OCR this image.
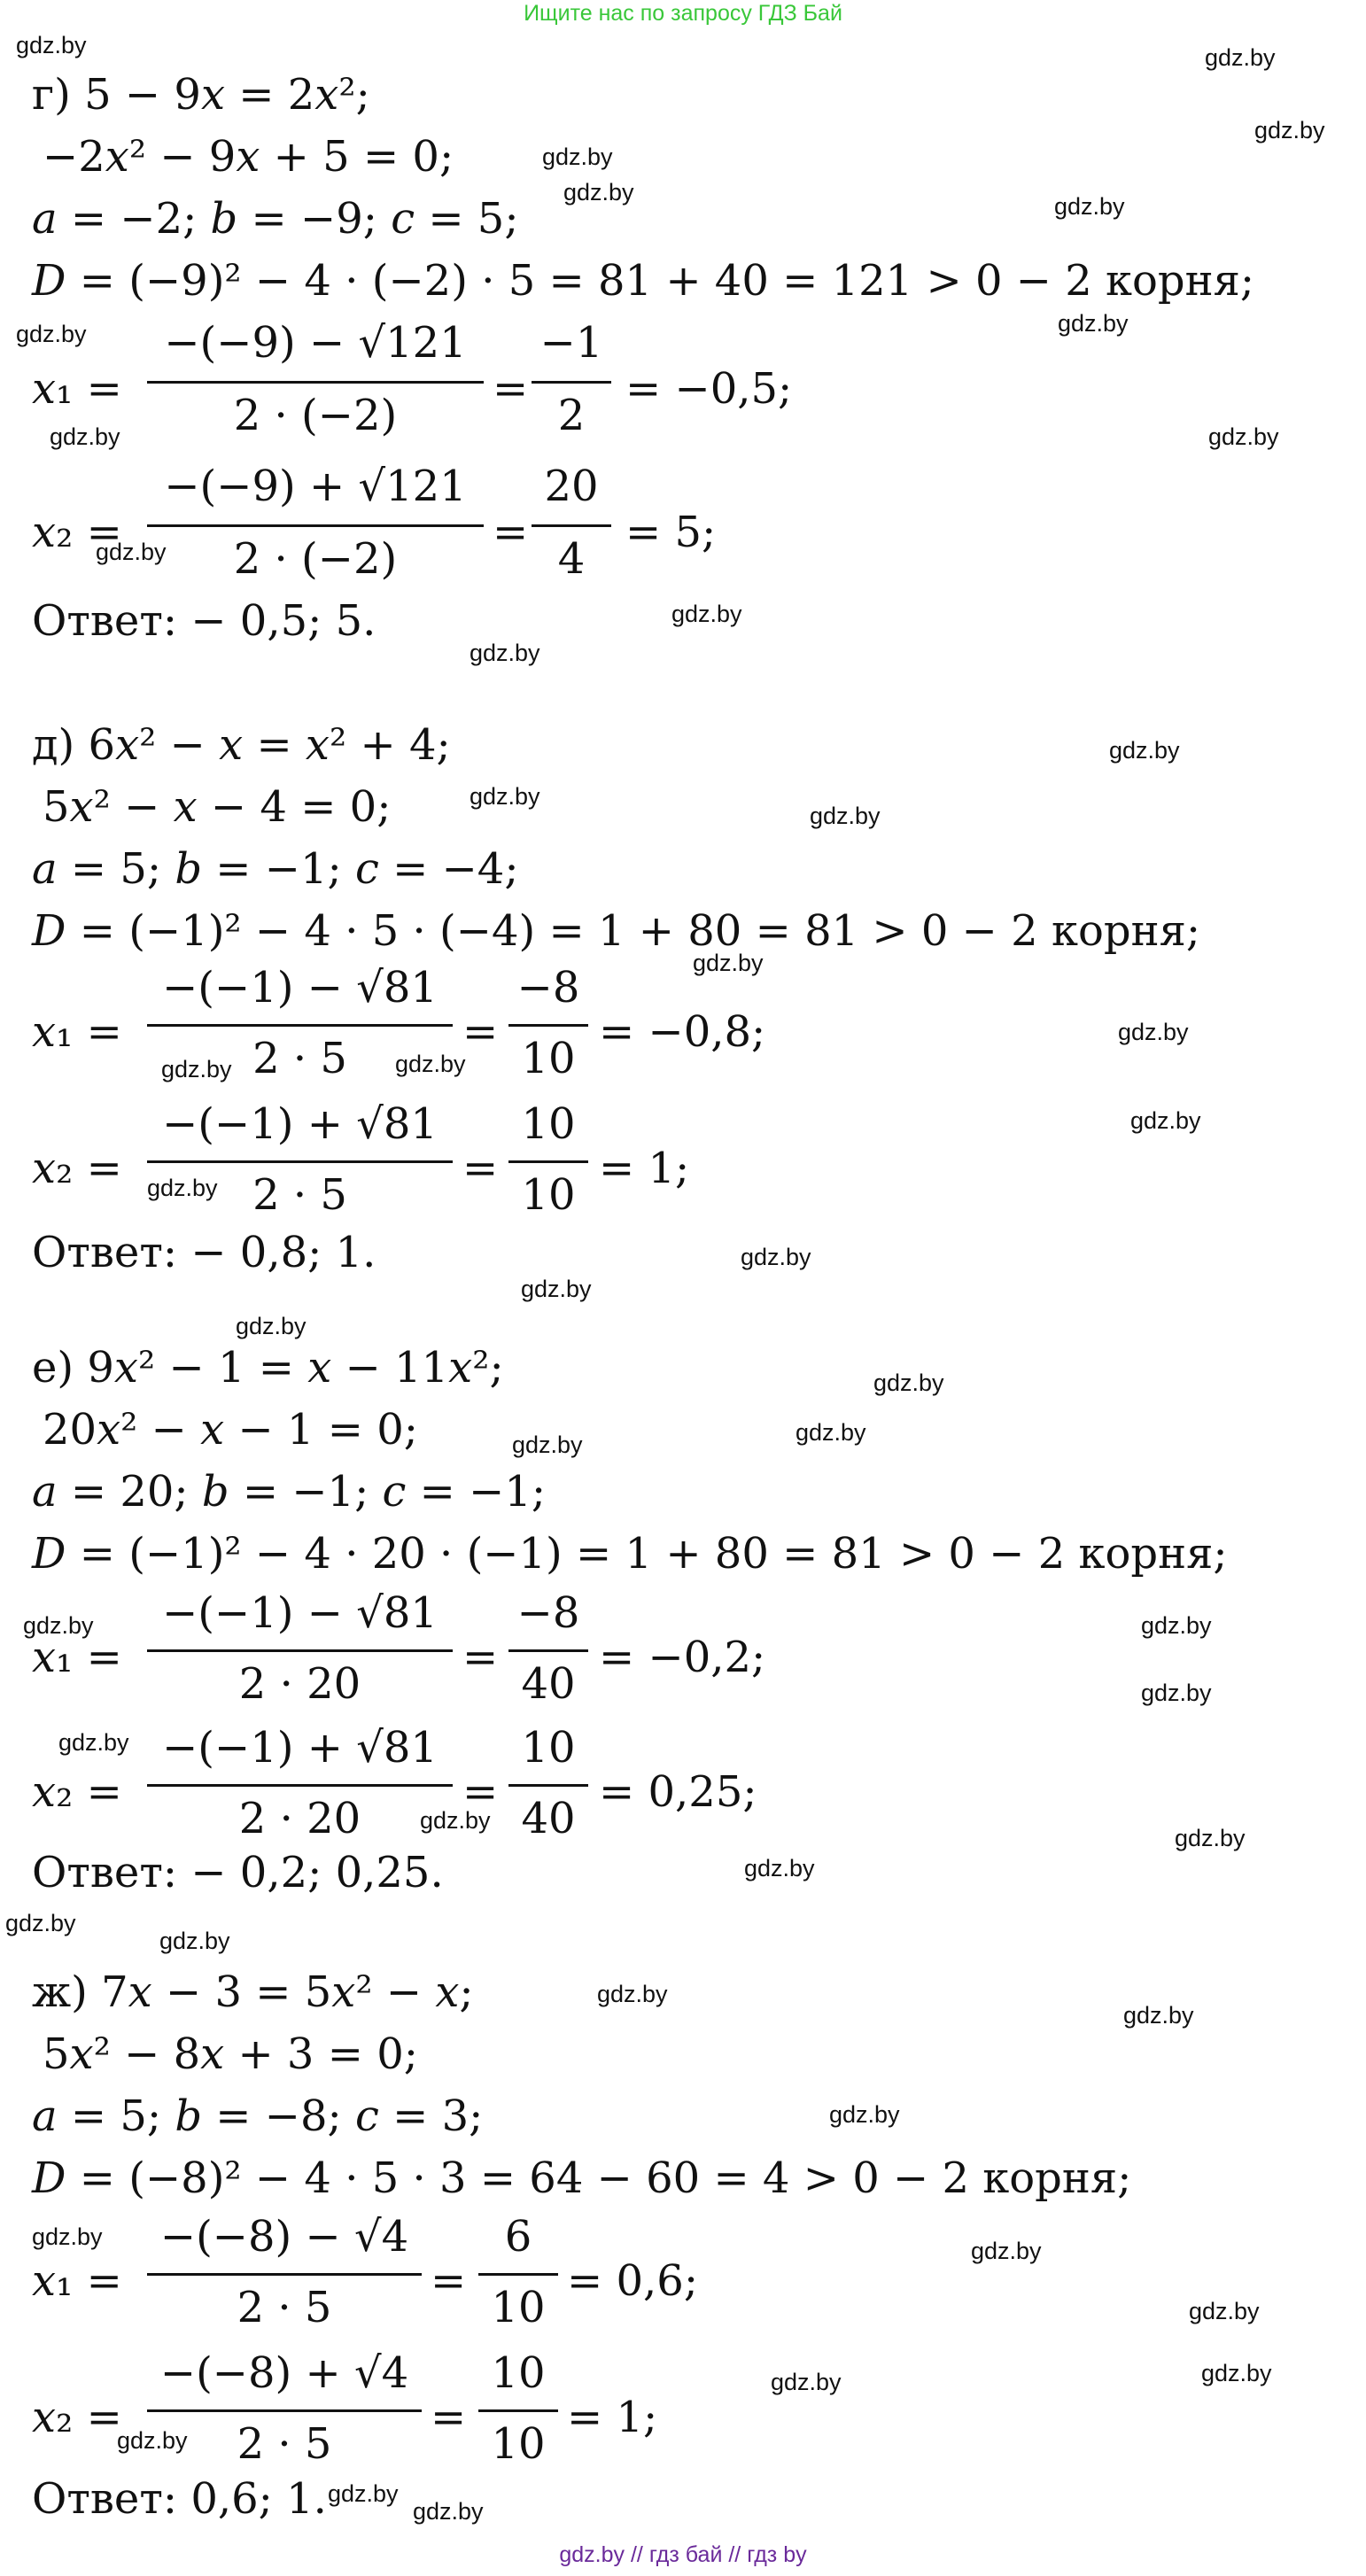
Ищите нас по запросу ГДЗ Бай
г) 5 − 9𝑥 = 2𝑥²;
−2𝑥² − 9𝑥 + 5 = 0;
𝑎 = −2; 𝑏 = −9; 𝑐 = 5;
𝐷 = (−9)² − 4 · (−2) · 5 = 81 + 40 = 121 > 0 − 2 корня;
𝑥₁ =
−(−9) − √121
2 · (−2)
=
−1
2
= −0,5;
𝑥₂ =
−(−9) + √121
2 · (−2)
=
20
4
= 5;
Ответ: − 0,5; 5.
д) 6𝑥² − 𝑥 = 𝑥² + 4;
5𝑥² − 𝑥 − 4 = 0;
𝑎 = 5; 𝑏 = −1; 𝑐 = −4;
𝐷 = (−1)² − 4 · 5 · (−4) = 1 + 80 = 81 > 0 − 2 корня;
𝑥₁ =
−(−1) − √81
2 · 5
=
−8
10
= −0,8;
𝑥₂ =
−(−1) + √81
2 · 5
=
10
10
= 1;
Ответ: − 0,8; 1.
е) 9𝑥² − 1 = 𝑥 − 11𝑥²;
20𝑥² − 𝑥 − 1 = 0;
𝑎 = 20; 𝑏 = −1; 𝑐 = −1;
𝐷 = (−1)² − 4 · 20 · (−1) = 1 + 80 = 81 > 0 − 2 корня;
𝑥₁ =
−(−1) − √81
2 · 20
=
−8
40
= −0,2;
𝑥₂ =
−(−1) + √81
2 · 20
=
10
40
= 0,25;
Ответ: − 0,2; 0,25.
ж) 7𝑥 − 3 = 5𝑥² − 𝑥;
5𝑥² − 8𝑥 + 3 = 0;
𝑎 = 5; 𝑏 = −8; 𝑐 = 3;
𝐷 = (−8)² − 4 · 5 · 3 = 64 − 60 = 4 > 0 − 2 корня;
𝑥₁ =
−(−8) − √4
2 · 5
=
6
10
= 0,6;
𝑥₂ =
−(−8) + √4
2 · 5
=
10
10
= 1;
Ответ: 0,6; 1.
gdz.by	gdz.by
gdz.by
gdz.by
gdz.by
gdz.by
gdz.by
gdz.by
gdz.by	gdz.by
gdz.by
gdz.by
gdz.by
gdz.by
gdz.by
gdz.by
gdz.by
gdz.by
gdz.by	gdz.by
gdz.by
gdz.by
gdz.by
gdz.by
gdz.by
gdz.by
gdz.by
gdz.by
gdz.by	gdz.by
gdz.by
gdz.by
gdz.by
gdz.by
gdz.by
gdz.by
gdz.by
gdz.by
gdz.by
gdz.by
gdz.by
gdz.by
gdz.by
gdz.by
gdz.by
gdz.by
gdz.by
gdz.by
gdz.by // гдз бай // гдз by
